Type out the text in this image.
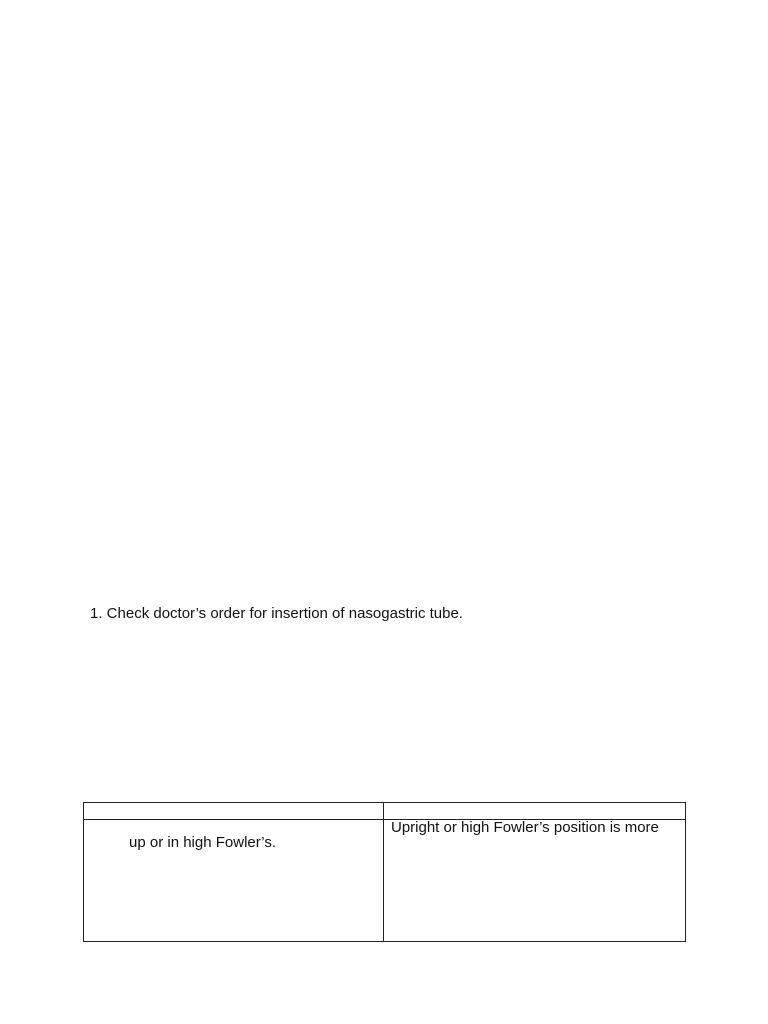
1. Check doctor’s order for insertion of nasogastric tube.
up or in high Fowler’s.
Upright or high Fowler’s position is more
